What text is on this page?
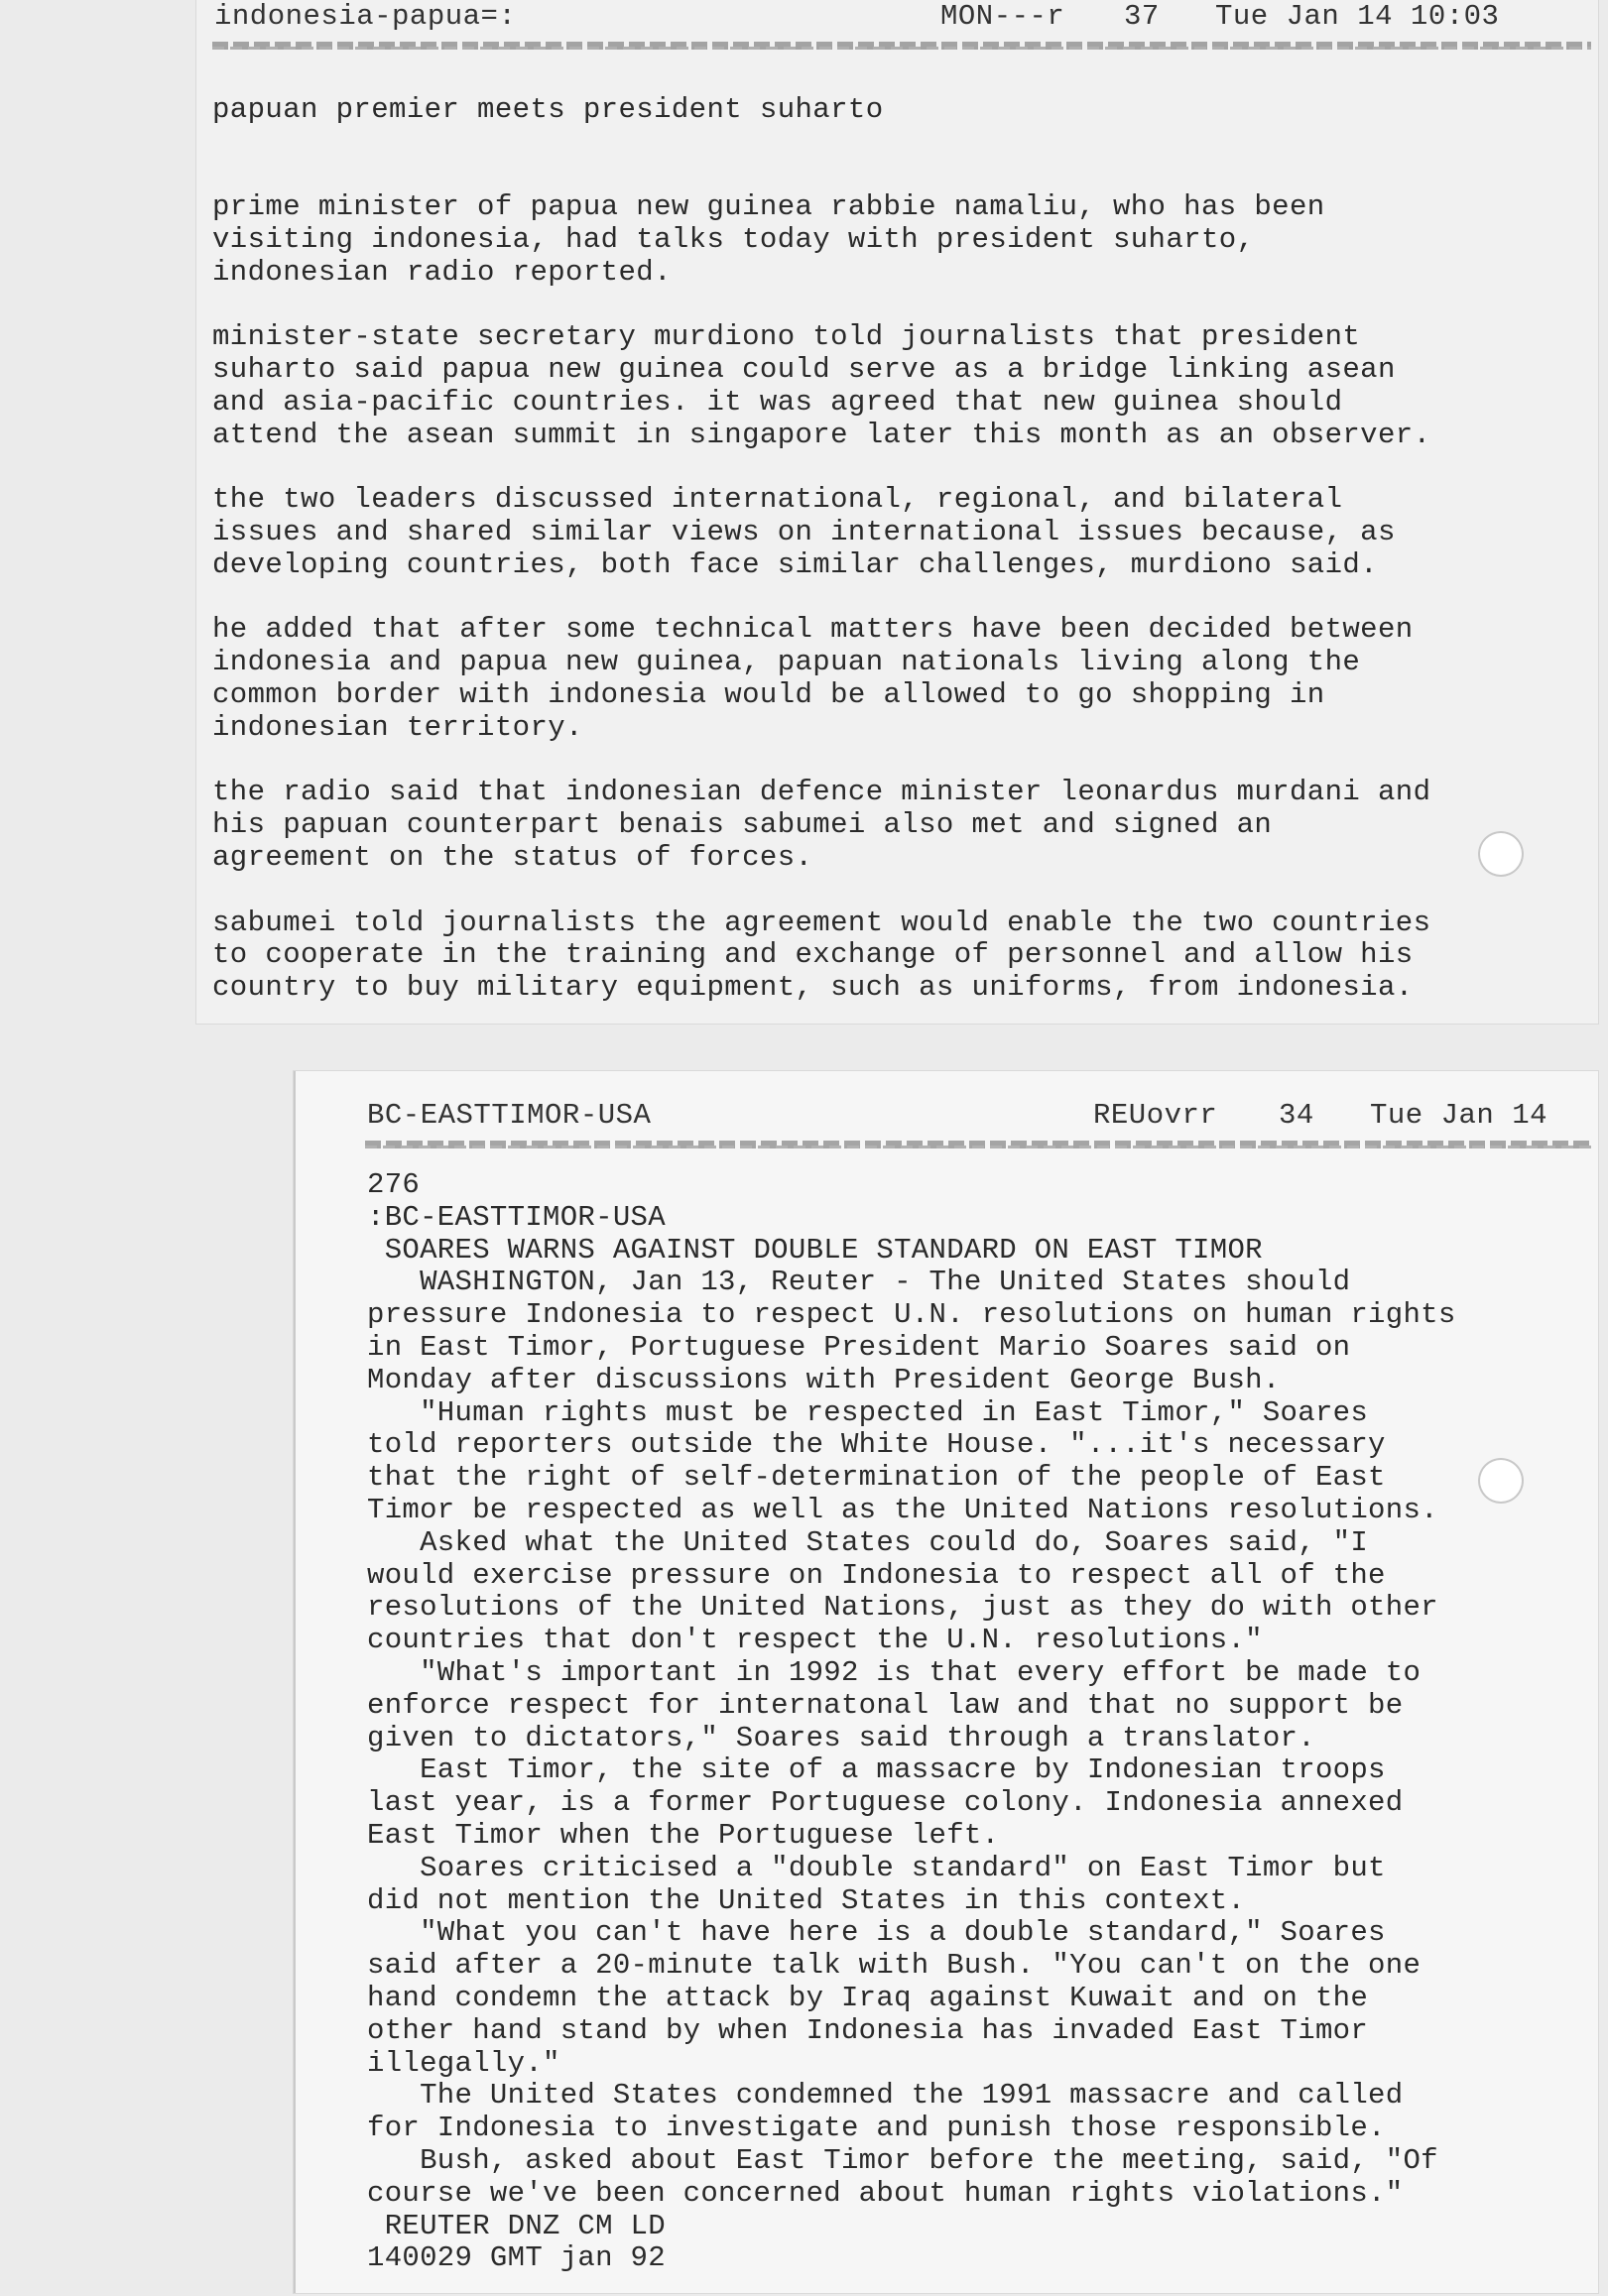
indonesia-papua=:	MON---r 37 Tue Jan 14 10:03
papuan premier meets president suharto
prime minister of papua new guinea rabbie namaliu, who has been
visiting indonesia, had talks today with president suharto,
indonesian radio reported.
minister-state secretary murdiono told journalists that president
suharto said papua new guinea could serve as a bridge linking asean
and asia-pacific countries. it was agreed that new guinea should
attend the asean summit in singapore later this month as an observer.
the two leaders discussed international, regional, and bilateral
issues and shared similar views on international issues because, as
developing countries, both face similar challenges, murdiono said.
he added that after some technical matters have been decided between
indonesia and papua new guinea, papuan nationals living along the
common border with indonesia would be allowed to go shopping in
indonesian territory.
the radio said that indonesian defence minister leonardus murdani and
his papuan counterpart benais sabumei also met and signed an
agreement on the status of forces.
sabumei told journalists the agreement would enable the two countries
to cooperate in the training and exchange of personnel and allow his
country to buy military equipment, such as uniforms, from indonesia.
BC-EASTTIMOR-USA	REUovrr 34 Tue Jan 14
276
:BC-EASTTIMOR-USA
SOARES WARNS AGAINST DOUBLE STANDARD ON EAST TIMOR
WASHINGTON, Jan 13, Reuter - The United States should
pressure Indonesia to respect U.N. resolutions on human rights
in East Timor, Portuguese President Mario Soares said on
Monday after discussions with President George Bush.
"Human rights must be respected in East Timor," Soares
told reporters outside the White House. "...it's necessary
that the right of self-determination of the people of East
Timor be respected as well as the United Nations resolutions.
Asked what the United States could do, Soares said, "I
would exercise pressure on Indonesia to respect all of the
resolutions of the United Nations, just as they do with other
countries that don't respect the U.N. resolutions."
"What's important in 1992 is that every effort be made to
enforce respect for internatonal law and that no support be
given to dictators," Soares said through a translator.
East Timor, the site of a massacre by Indonesian troops
last year, is a former Portuguese colony. Indonesia annexed
East Timor when the Portuguese left.
Soares criticised a "double standard" on East Timor but
did not mention the United States in this context.
"What you can't have here is a double standard," Soares
said after a 20-minute talk with Bush. "You can't on the one
hand condemn the attack by Iraq against Kuwait and on the
other hand stand by when Indonesia has invaded East Timor
illegally."
The United States condemned the 1991 massacre and called
for Indonesia to investigate and punish those responsible.
Bush, asked about East Timor before the meeting, said, "Of
course we've been concerned about human rights violations."
REUTER DNZ CM LD
140029 GMT jan 92
